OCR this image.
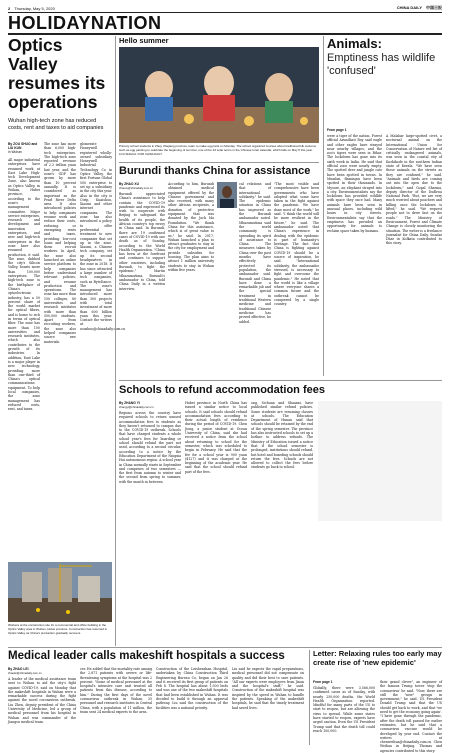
2 Thursday, May 5, 2020	CHINA DAILY 中国日报
HOLIDAYNATION
Optics Valley resumes its operations
Wuhan high-tech zone has reduced costs, rent and taxes to aid companies
By ZOU SHUO and LIU KUN
in Wuhan
All major industrial enterprises have resumed work at East Lake High-tech Development Zone, also known as Optics Valley, in Wuhan, Hubei province, according to the zone's management committee. Major service enterprises, research and development and innovation enterprises, and new and high-tech enterprises in the zone have also resumed production, it said. The zone, dubbed the city's Silicon Valley, boasts more than 100,000 enterprises. The high-tech zone is the birthplace of China's optoelectronic industry, has a 50 percent share of the world market for optical fibers, and is home to rich in terms of optical fiber. The zone has more than 100 universities and research institutes, which also contributes to the growth of its industries. In addition, East Lake is a major player in new technology, providing more than one-third of China's optical communications equipment. To help local companies, the zone management has reduced costs, rent, and taxes.
The zone has more than 6,000 high-tech enterprises. The high-tech zone reported revenue of 2.3 trillion yuan last year, and the zone's GDP has grown by more than 10 percent annually. It is considered as important as the Pearl River Delta area. It also introduced policies to help companies resume work and reduce their costs, reducing or exempting rents and taxes, providing low-cost loans and helping them recruit workers. In April, the zone also launched an online service platform to help companies better understand relevant policies, and resume production and operations. The zone has more than 150 colleges, 80 universities and research institutes with more than 500,000 students. Apart from recruiting workers, the zone also helped companies source raw materials.
glomerate Honeywell registered wholly-owned subsidiary Honeywell Industrial Technology Co in Optics Valley, the first Fortune Global 500 enterprise to set up a subsidiary in the city this year. Also in the city is Ctrip, Kuaishou, Xiaomi and other internet companies. The zone has also introduced a policy to offer preferential treatment to new companies that set up in the zone. Xiaomi, a Chinese tech company, set up its second headquarters in the zone in 2018. It has since attracted a large number of tech companies, such as ByteDance. The zone's management has introduced more than 300 projects with total investment of more than 600 billion yuan this year. Contact the writers at zoushuo@chinadaily.com.cn
Workers at the construction site for a commercial and office building in the Optics Valley area in Wuhan, Hubei province. Construction has resumed in Optics Valley as China's production gradually recovers.
Hello summer
Primary school students in Zhuji, Zhejiang province, learn to make egg tarts on Monday. The school organized courses about traditional folk customs such as egg painting to celebrate the beginning of summer, one of the 24 solar terms in the Chinese lunar calendar, which falls on May 5 this year.
LOU SHIHUA / FOR CHINA DAILY
Animals:
Emptiness has wildlife 'confused'
From page 1
were a tiger of the nation. Forest official Arundhati Roy said eagle and other eagles have strayed near nearby villages, and the zoo's tigers were seen in Bihar. The lockdown has gone into its sixth week in India. He said that official zoos were nearly empty. The spotted deer and jungle cats have been spotted in towns. In Mumbai, flamingos have been spotted in their thousands. In Mysore, an elephant strayed into a city. Environmentalists say the lockdown has provided wildlife with space they once had. Many animals have been seen in unusual places, including wild boars in city streets. Environmentalists say that the emptiness has provided an opportunity for animals to reclaim space taken by humans.
A Malabar large-spotted civet, a nocturnal animal on the International Union for Conservation of Nature red list of critically endangered animals, was seen in the coastal city of Kozhikode in the southern Indian state of Kerala. "We have seen these animals on the streets as they are confused," he said. "Animals and birds are coming out into the open due to the lockdown," said Gopal Sharma, deputy director of the Dudhwa National Park. "But, we are very much worried about poachers and killing once the lockdown is lifted," he said. "We request people not to drive fast on the roads." The Ministry of Environment, Forest and Climate Change is closely monitoring the situation. The writer is a freelance journalist for China Daily. Sundar Dhar in Kolkata contributed to this story.
Burundi thanks China for assistance
By ZHAO XU
zhaoxu@chinadaily.com.cn
Burundi appreciated China's assistance to help contain the COVID-19 pandemic and expressed its wish to cooperate with Beijing to safeguard the health of its people, the African country's top envoy in China said. In Burundi, there are 19 confirmed cases of COVID-19 with one death as of Sunday, according to the World Health Organization. "China has been at the forefront and continues to support other countries, including Burundi, to fight the epidemic," Martin Mbazumutima, Burundi's ambassador to China, told China Daily in a written interview.
According to him, Burundi obtained medical equipment offered by the Chinese government and also received, with many other African recipients, a donation of protective equipment that was donated by the Jack Ma Foundation. "We thank China for this assistance, which is of great value to us," he said. In 2017, Wuhan launched a plan to attract graduates to stay in the city for employment and provide subsidies for housing. The plan aims to attract 1 million university students to stay in Wuhan within five years.
cal relations and that of international solidarity," he said. The epidemic situation in China has improved as the Burundi ambassador noted. Mbazumutima said the world community is spreading its spirit of assistance to China. The measures taken by China over the past months have effectively protected its population, the ambassador said. Burundi and China have done a remarkable job and the special treatment in traditional Western medicine and traditional Chinese medicine has proved effective, he added.
"The most visible and comprehensive have been governments who have adopted what some have taken in the fight against the pandemic. We have done most of the work," he said. "I think the world will be more resilient in the future," he said. The ambassador noted that China's experience in dealing with the epidemic is part of humanity's heritage. The fact that China is fighting against COVID-19 should be a source of inspiration, he said. "International solidarity, the ambassador stressed, is necessary to fight and overcome the pandemic." He noted that the world is like a village where everyone shares a common future and the outbreak cannot be conquered by a single country.
Schools to refund accommodation fees
By ZHANG YI
zhangyi@chinadaily.com.cn
Regions across the country have required schools to return unused accommodation fees to students as they haven't returned to campus due to the COVID-19 outbreak. Schools that have charged students a whole school year's fees for boarding or school should refund the part not used, according to a second circular, according to a notice by the Education Department of the Ningxia Hui autonomous region. A school year in China normally starts in September and comprises of two semesters — the first from autumn to winter and the second from spring to summer, with the month in between.
Hubei province in North China has issued a similar notice to local schools. It said schools should refund accommodation fees according to their actual length of residence during the period of COVID-19. Chen Jiong, a junior student at Ocean University of China, said she had received a notice from the school about returning to school for the semester, which was scheduled to begin in February. He said that the fee for a school year is 900 yuan ($127) and it was charged at the beginning of the academic year. He said that the school should refund part of the fees.
ong, Sichuan and Shaanxi, have published similar refund policies. Some students are resuming classes at schools. The Education Department of Hunan said that schools should be retained by the end of the spring semester. The province has also instructed schools to set up a hotline to address refunds. The Ministry of Education issued a notice that if the school semester is prolonged, institutions should refund, but hotel and boarding schools should return the fees. Schools are not allowed to collect the fees before students go back to school.
Medical leader calls makeshift hospitals a success
By ZHAO LEI
zhaolei@chinadaily.com.cn
A leader of the medical assistance team sent to Wuhan to aid the city's fight against COVID-19, said on Monday that the makeshift hospitals in Wuhan were a remarkable success during the fight against the novel coronavirus outbreak. Liu Zhen, deputy president of the China University of Medicine, led a group of medical personnel from his hospital in Wuhan and was commander of the Jiangsu medical team.
cer. He added that the mortality rate among the 2,871 patients with severe or life-threatening symptoms at the hospital was 2 percent. "Some of medical personnel at the hospital's intensive care unit treated all patients from this disease, according to him." During the first days of the novel coronavirus outbreak in Wuhan, 35 personnel and research institutes in Central China, with a population of 11 million, the team sent 24 medical experts to the area.
Construction of the Leishenshan Hospital, undertaken by China Construction Third Engineering Bureau Co, began on Jan 26 and it received its first group of patients on Feb 8. The hospital has about 1,500 beds and was one of the two makeshift hospitals that had been established in Wuhan. It was decided to build it through an approval pathway. Liu said the construction of the facilities was a national priority.
Liu said he expects the rapid preparations, medical personnel did not compensate on quality and did their best to save patients. "All our experts were employees from Jinan and the hospital's staff," he said. Construction of the makeshift hospital was inspired by the speed in Wuhan to handle the patients. Speaking of the makeshift hospitals, he said that the timely treatment had saved lives.
Letter: Relaxing rules too early may create rise of 'new epidemic'
From page 1
Globally, there were 3,566,000 confirmed cases as of Sunday, with nearly 250,000 deaths, the World Health Organization reported. Mindful for many parts of the US to start to reopen, but are allowing the virus to spread. While some states have started to reopen, experts have urged caution. Even the US President Trump said that the death toll could reach 100,000.
their grand clever", an engineer of the famous Trump tower 'stop the coronavirus' he said. "Now, there are still the "new" groups in government," he said. US President Donald Trump said that the US should get back to work, and that 'we need to get the economy going again'. "I have gone through the pandemic, after the death toll passed for earlier estimates, but he said that a coronavirus vaccine would be developed by year end. Contact the writers at chenweihua@chinadaily.com.cn Chen Weihua in Beijing, Thomas and agencies contributed to this story.
